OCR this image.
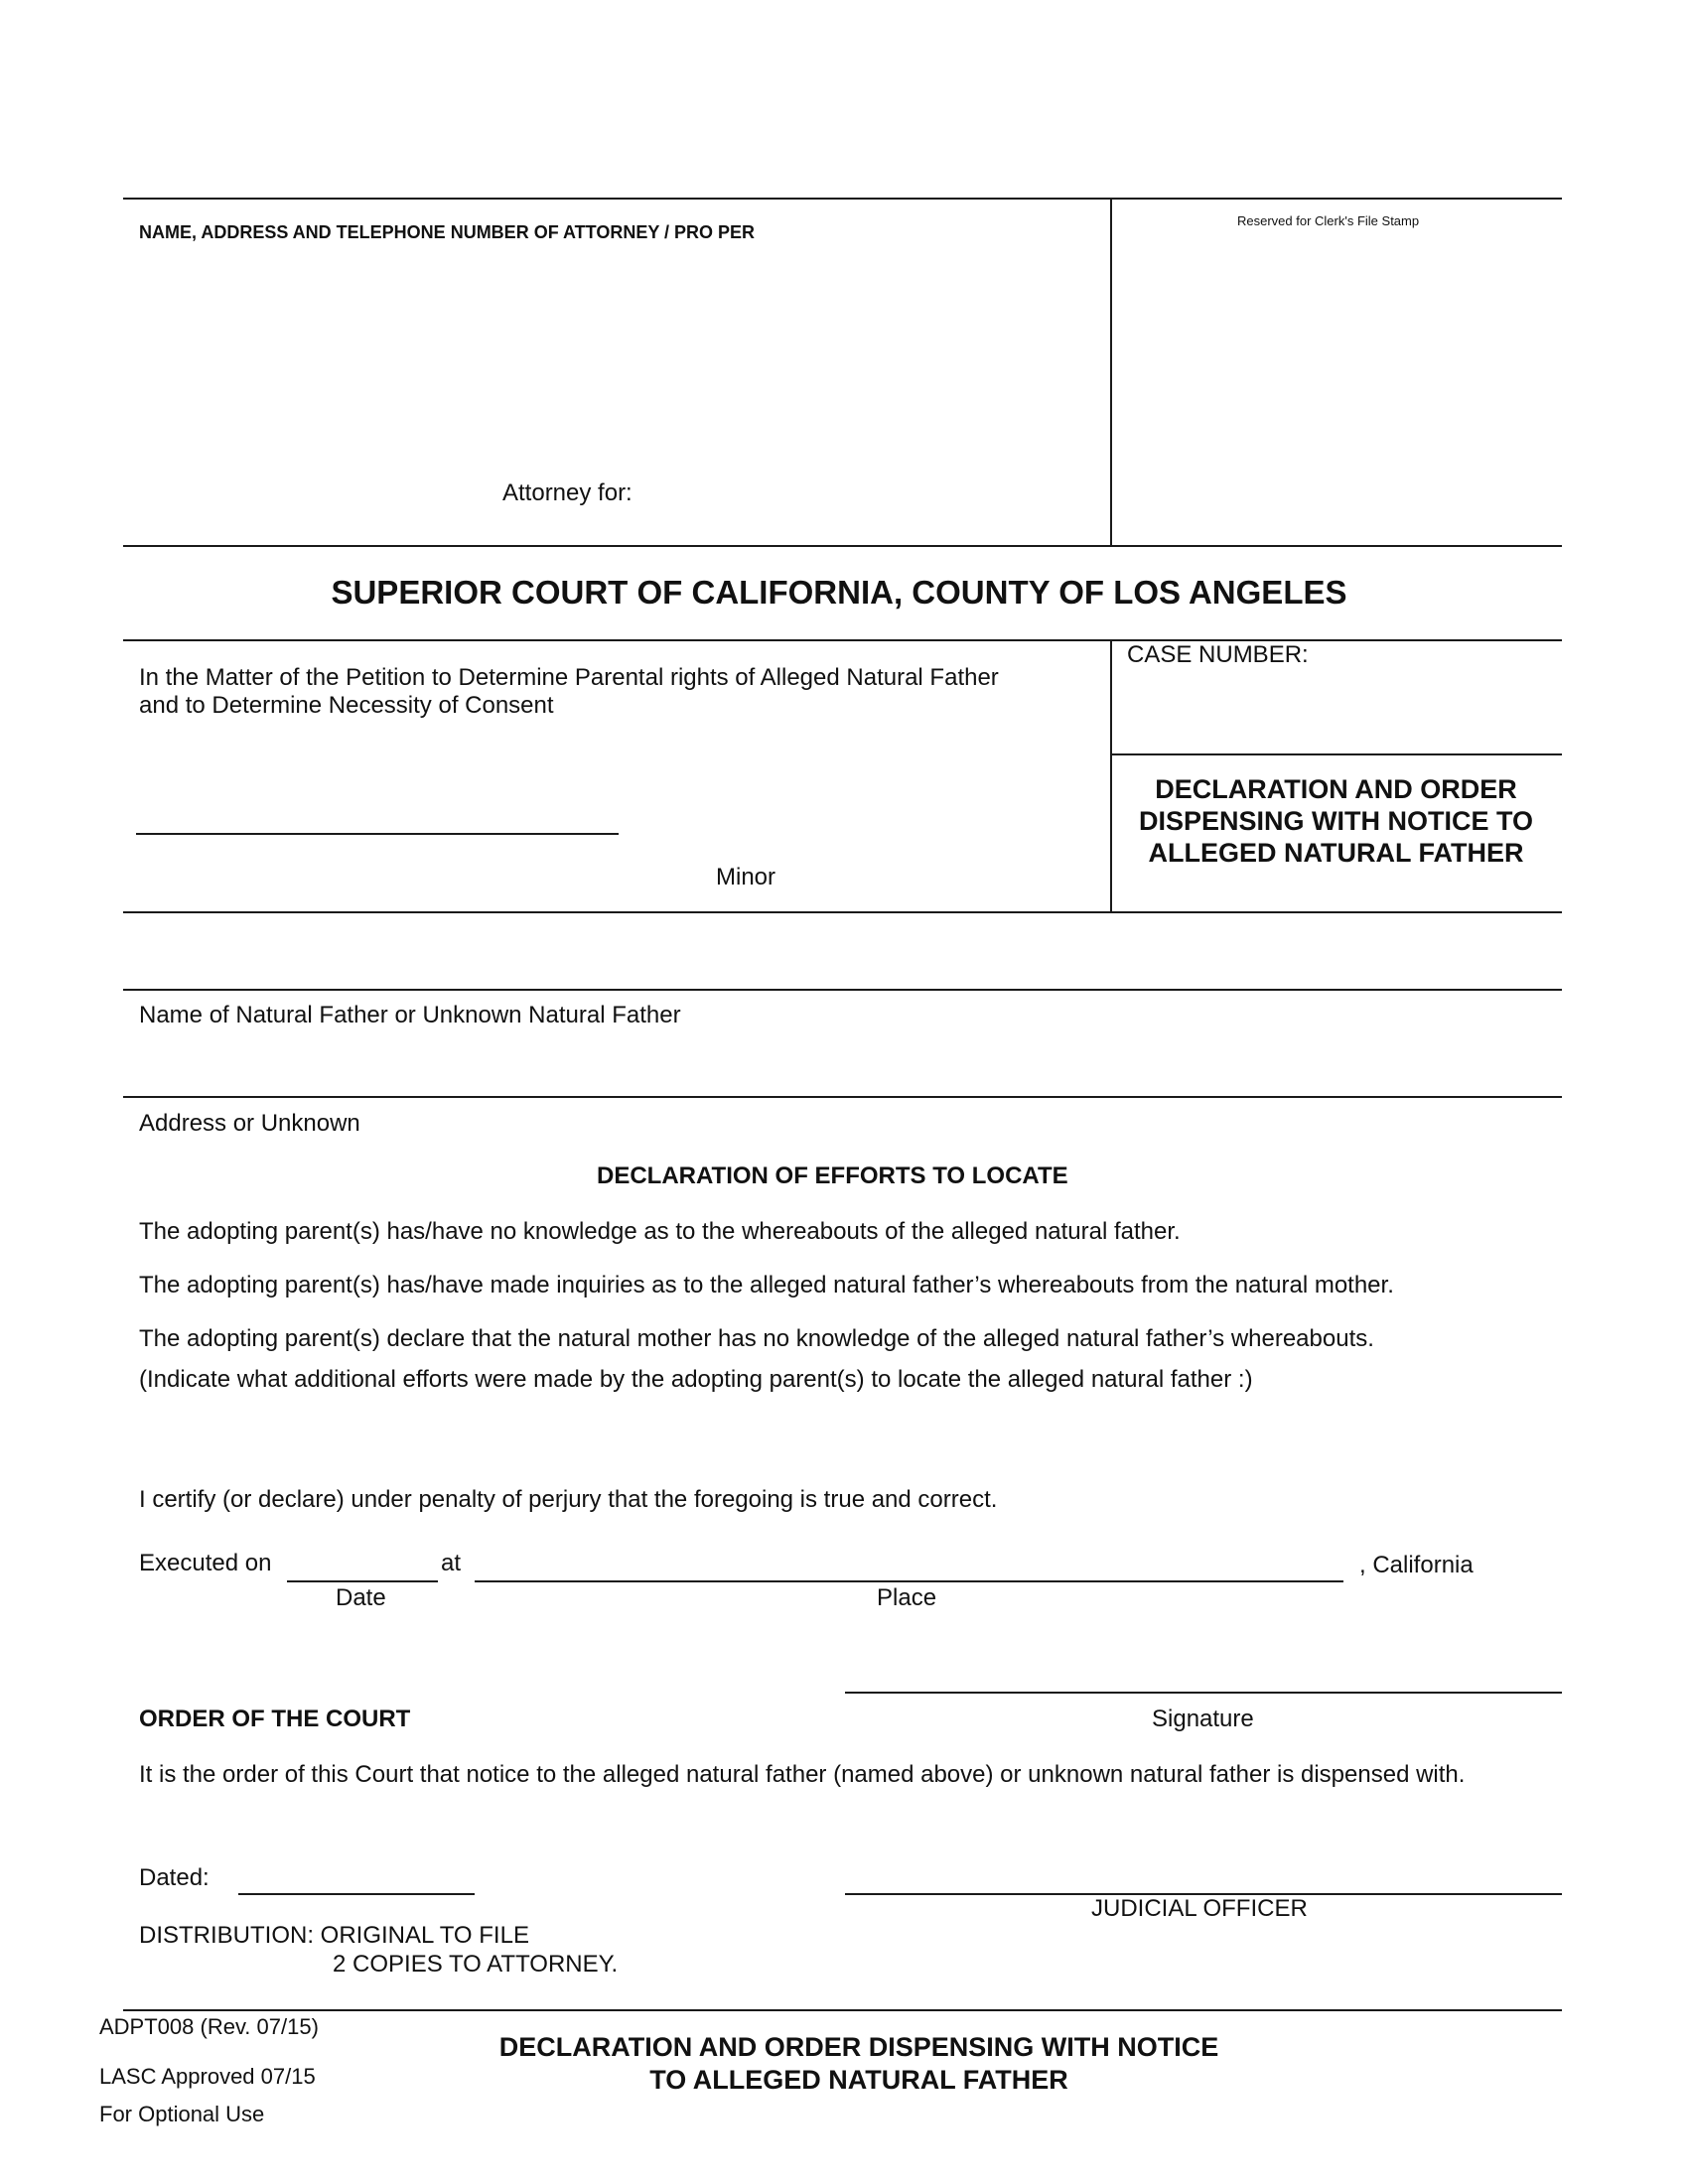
NAME, ADDRESS AND TELEPHONE NUMBER OF ATTORNEY / PRO PER
Attorney for:
Reserved for Clerk's File Stamp
SUPERIOR COURT OF CALIFORNIA, COUNTY OF LOS ANGELES
In the Matter of the Petition to Determine Parental rights of Alleged Natural Father
and to Determine Necessity of Consent
Minor
CASE NUMBER:
DECLARATION AND ORDER
DISPENSING WITH NOTICE TO
ALLEGED NATURAL FATHER
Name of Natural Father or Unknown Natural Father
Address or Unknown
DECLARATION OF EFFORTS TO LOCATE
The adopting parent(s) has/have no knowledge as to the whereabouts of the alleged natural father.
The adopting parent(s) has/have made inquiries as to the alleged natural father’s whereabouts from the natural mother.
The adopting parent(s) declare that the natural mother has no knowledge of the alleged natural father’s whereabouts.
(Indicate what additional efforts were made by the adopting parent(s) to locate the alleged natural father :)
I certify (or declare) under penalty of perjury that the foregoing is true and correct.
Executed on	at	, California
Date	Place
Signature
ORDER OF THE COURT
It is the order of this Court that notice to the alleged natural father (named above) or unknown natural father is dispensed with.
Dated:
JUDICIAL OFFICER
DISTRIBUTION: ORIGINAL TO FILE
2 COPIES TO ATTORNEY.
ADPT008 (Rev. 07/15)
LASC Approved 07/15
For Optional Use
DECLARATION AND ORDER DISPENSING WITH NOTICE
TO ALLEGED NATURAL FATHER
